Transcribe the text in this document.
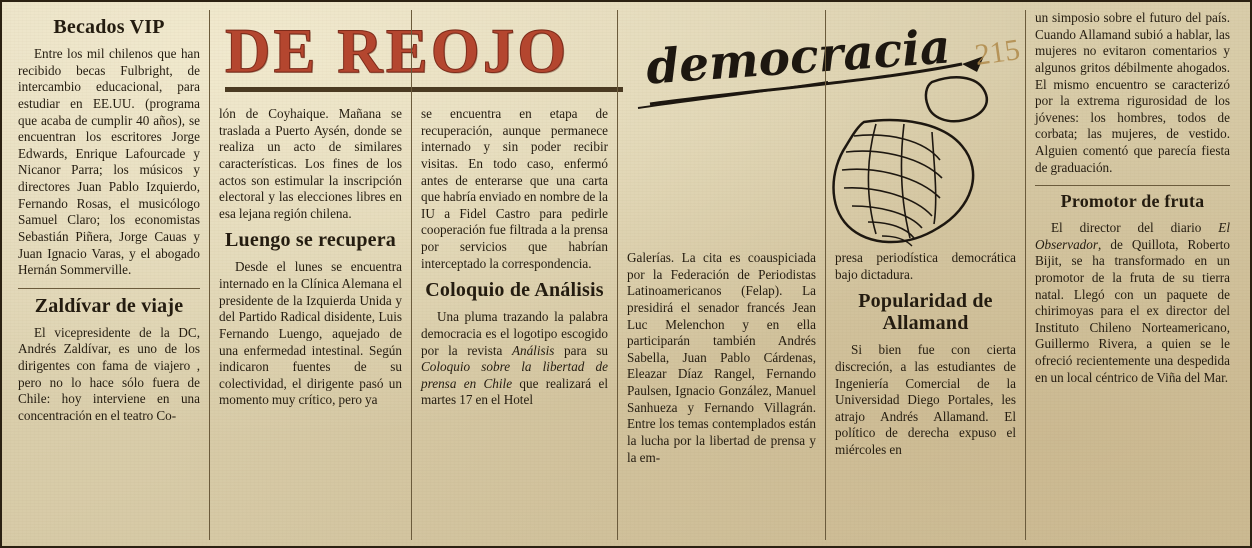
DE REOJO	democracia 215
Becados VIP

Entre los mil chilenos que han recibido becas Fulbright, de intercambio educacional, para estudiar en EE.UU. (programa que acaba de cumplir 40 años), se encuentran los escritores Jorge Edwards, Enrique Lafourcade y Nicanor Parra; los músicos y directores Juan Pablo Izquierdo, Fernando Rosas, el musicólogo Samuel Claro; los economistas Sebastián Piñera, Jorge Cauas y Juan Ignacio Varas, y el abogado Hernán Sommerville.

Zaldívar de viaje

El vicepresidente de la DC, Andrés Zaldívar, es uno de los dirigentes con fama de viajero , pero no lo hace sólo fuera de Chile: hoy interviene en una concentración en el teatro Co-

lón de Coyhaique. Mañana se traslada a Puerto Aysén, donde se realiza un acto de similares características. Los fines de los actos son estimular la inscripción electoral y las elecciones libres en esa lejana región chilena.

Luengo se recupera

Desde el lunes se encuentra internado en la Clínica Alemana el presidente de la Izquierda Unida y del Partido Radical disidente, Luis Fernando Luengo, aquejado de una enfermedad intestinal. Según indicaron fuentes de su colectividad, el dirigente pasó un momento muy crítico, pero ya

se encuentra en etapa de recuperación, aunque permanece internado y sin poder recibir visitas. En todo caso, enfermó antes de enterarse que una carta que habría enviado en nombre de la IU a Fidel Castro para pedirle cooperación fue filtrada a la prensa por servicios que habrían interceptado la correspondencia.

Coloquio de Análisis

Una pluma trazando la palabra democracia es el logotipo escogido por la revista Análisis para su Coloquio sobre la libertad de prensa en Chile que realizará el martes 17 en el Hotel

Galerías. La cita es coauspiciada por la Federación de Periodistas Latinoamericanos (Felap). La presidirá el senador francés Jean Luc Melenchon y en ella participarán también Andrés Sabella, Juan Pablo Cárdenas, Eleazar Díaz Rangel, Fernando Paulsen, Ignacio González, Manuel Sanhueza y Fernando Villagrán. Entre los temas contemplados están la lucha por la libertad de prensa y la em-

presa periodística democrática bajo dictadura.

Popularidad de Allamand

Si bien fue con cierta discreción, a las estudiantes de Ingeniería Comercial de la Universidad Diego Portales, les atrajo Andrés Allamand. El político de derecha expuso el miércoles en

un simposio sobre el futuro del país. Cuando Allamand subió a hablar, las mujeres no evitaron comentarios y algunos gritos débilmente ahogados. El mismo encuentro se caracterizó por la extrema rigurosidad de los jóvenes: los hombres, todos de corbata; las mujeres, de vestido. Alguien comentó que parecía fiesta de graduación.

Promotor de fruta

El director del diario El Observador, de Quillota, Roberto Bijit, se ha transformado en un promotor de la fruta de su tierra natal. Llegó con un paquete de chirimoyas para el ex director del Instituto Chileno Norteamericano, Guillermo Rivera, a quien se le ofreció recientemente una despedida en un local céntrico de Viña del Mar.
